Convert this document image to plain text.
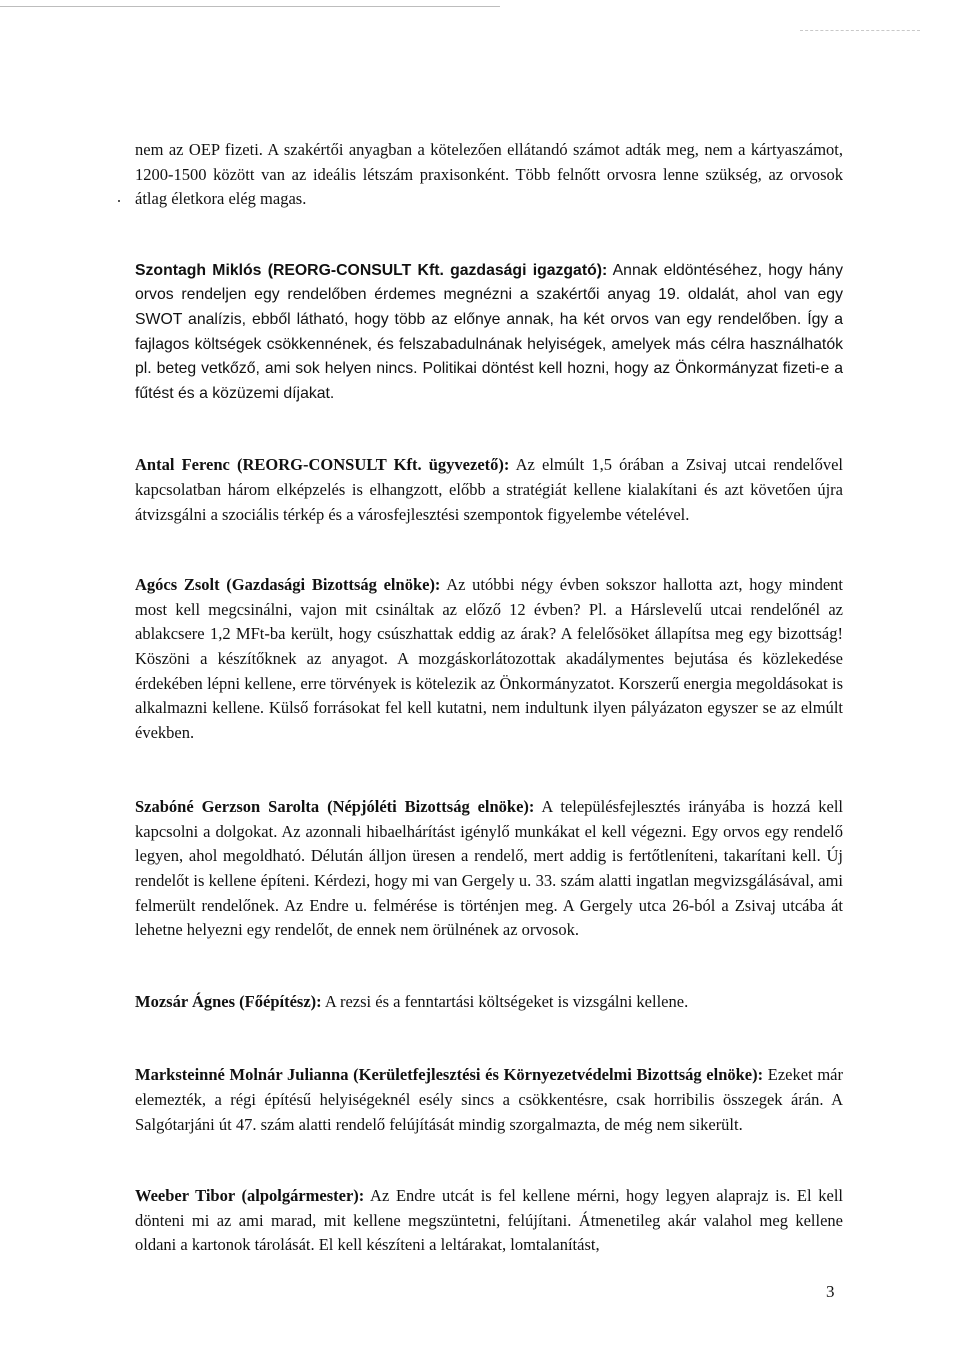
nem az OEP fizeti. A szakértői anyagban a kötelezően ellátandó számot adták meg, nem a kártyaszámot, 1200-1500 között van az ideális létszám praxisonként. Több felnőtt orvosra lenne szükség, az orvosok átlag életkora elég magas.

Szontagh Miklós (REORG-CONSULT Kft. gazdasági igazgató): Annak eldöntéséhez, hogy hány orvos rendeljen egy rendelőben érdemes megnézni a szakértői anyag 19. oldalát, ahol van egy SWOT analízis, ebből látható, hogy több az előnye annak, ha két orvos van egy rendelőben. Így a fajlagos költségek csökkennének, és felszabadulnának helyiségek, amelyek más célra használhatók pl. beteg vetkőző, ami sok helyen nincs. Politikai döntést kell hozni, hogy az Önkormányzat fizeti-e a fűtést és a közüzemi díjakat.

Antal Ferenc (REORG-CONSULT Kft. ügyvezető): Az elmúlt 1,5 órában a Zsivaj utcai rendelővel kapcsolatban három elképzelés is elhangzott, előbb a stratégiát kellene kialakítani és azt követően újra átvizsgálni a szociális térkép és a városfejlesztési szempontok figyelembe vételével.

Agócs Zsolt (Gazdasági Bizottság elnöke): Az utóbbi négy évben sokszor hallotta azt, hogy mindent most kell megcsinálni, vajon mit csináltak az előző 12 évben? Pl. a Hárslevelű utcai rendelőnél az ablakcsere 1,2 MFt-ba került, hogy csúszhattak eddig az árak? A felelősöket állapítsa meg egy bizottság! Köszöni a készítőknek az anyagot. A mozgáskorlátozottak akadálymentes bejutása és közlekedése érdekében lépni kellene, erre törvények is kötelezik az Önkormányzatot. Korszerű energia megoldásokat is alkalmazni kellene. Külső forrásokat fel kell kutatni, nem indultunk ilyen pályázaton egyszer se az elmúlt években.

Szabóné Gerzson Sarolta (Népjóléti Bizottság elnöke): A településfejlesztés irányába is hozzá kell kapcsolni a dolgokat. Az azonnali hibaelhárítást igénylő munkákat el kell végezni. Egy orvos egy rendelő legyen, ahol megoldható. Délután álljon üresen a rendelő, mert addig is fertőtleníteni, takarítani kell. Új rendelőt is kellene építeni. Kérdezi, hogy mi van Gergely u. 33. szám alatti ingatlan megvizsgálásával, ami felmerült rendelőnek. Az Endre u. felmérése is történjen meg. A Gergely utca 26-ból a Zsivaj utcába át lehetne helyezni egy rendelőt, de ennek nem örülnének az orvosok.

Mozsár Ágnes (Főépítész): A rezsi és a fenntartási költségeket is vizsgálni kellene.

Marksteinné Molnár Julianna (Kerületfejlesztési és Környezetvédelmi Bizottság elnöke): Ezeket már elemezték, a régi építésű helyiségeknél esély sincs a csökkentésre, csak horribilis összegek árán. A Salgótarjáni út 47. szám alatti rendelő felújítását mindig szorgalmazta, de még nem sikerült.

Weeber Tibor (alpolgármester): Az Endre utcát is fel kellene mérni, hogy legyen alaprajz is. El kell dönteni mi az ami marad, mit kellene megszüntetni, felújítani. Átmenetileg akár valahol meg kellene oldani a kartonok tárolását. El kell készíteni a leltárakat, lomtalanítást,

3
